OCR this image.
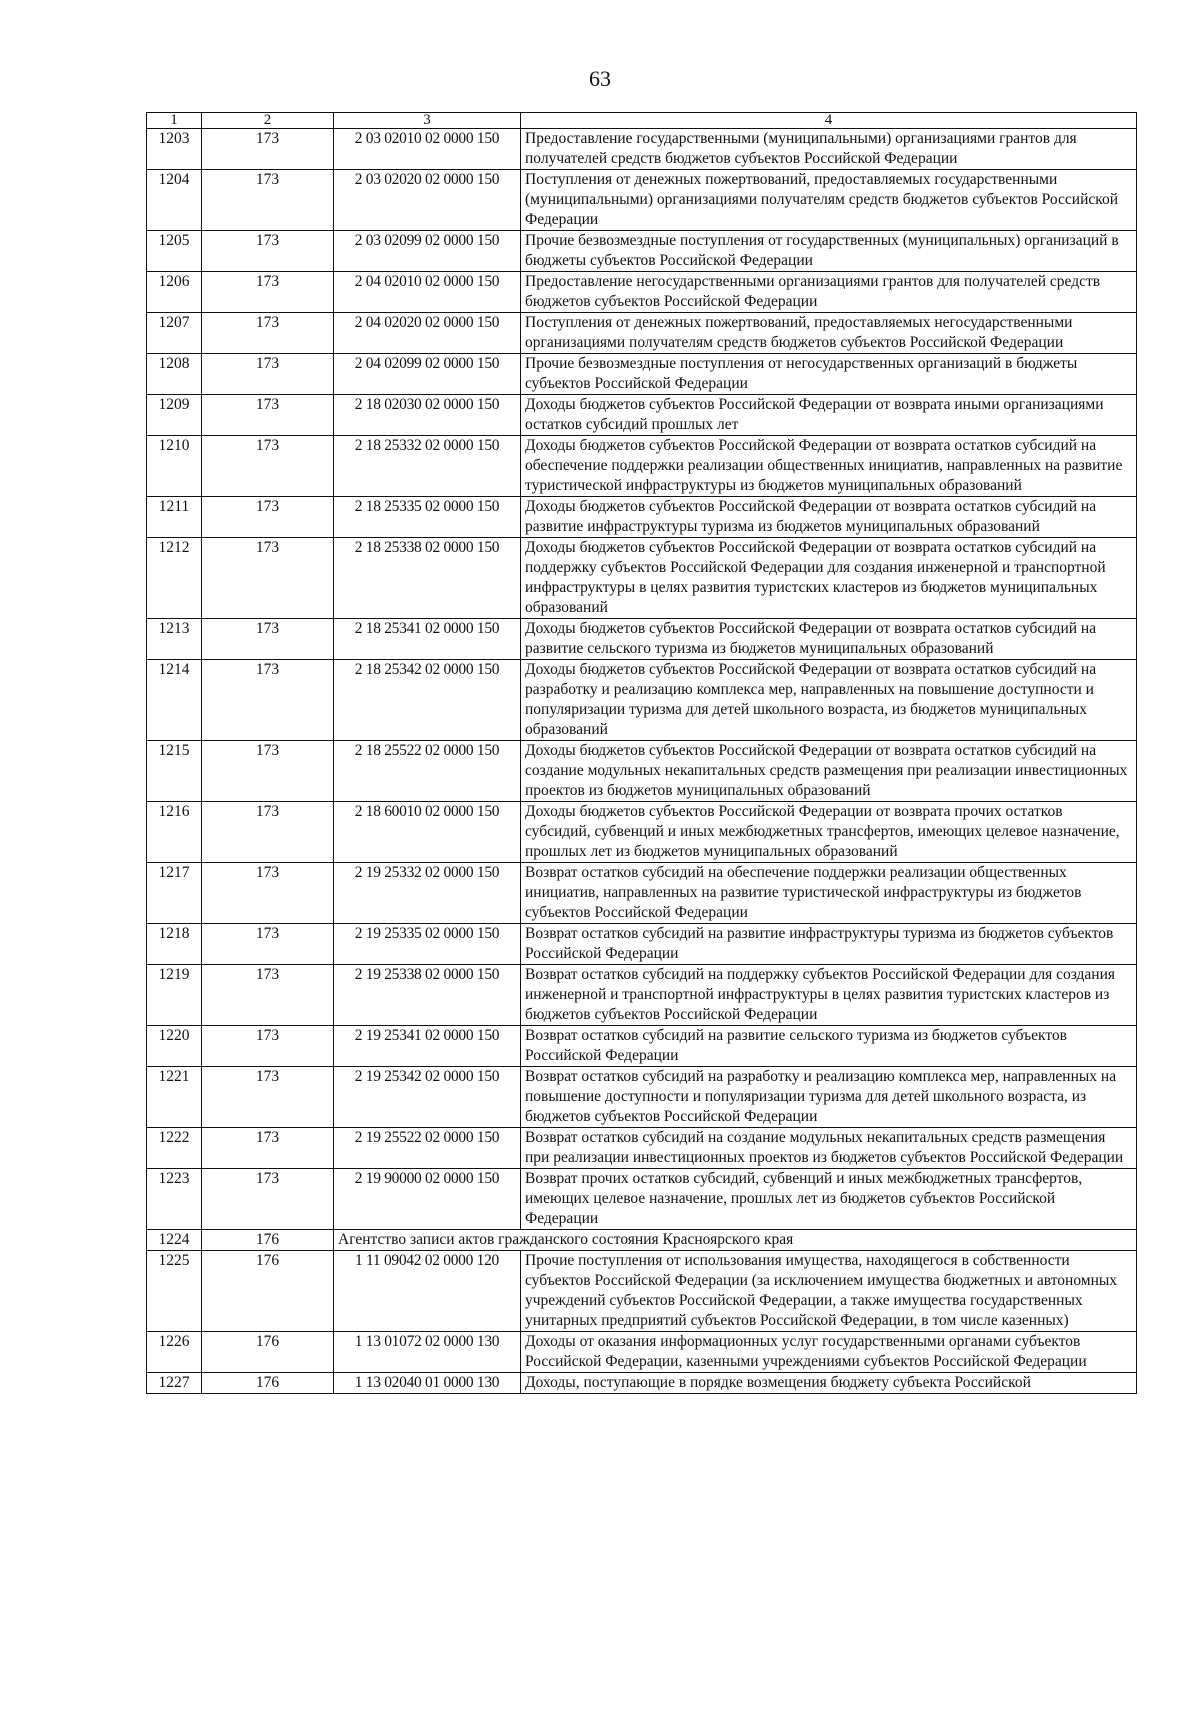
63
1	2	3	4
1203	173	2 03 02010 02 0000 150	Предоставление государственными (муниципальными) организациями грантов для получателей средств бюджетов субъектов Российской Федерации
1204	173	2 03 02020 02 0000 150	Поступления от денежных пожертвований, предоставляемых государственными (муниципальными) организациями получателям средств бюджетов субъектов Российской Федерации
1205	173	2 03 02099 02 0000 150	Прочие безвозмездные поступления от государственных (муниципальных) организаций в бюджеты субъектов Российской Федерации
1206	173	2 04 02010 02 0000 150	Предоставление негосударственными организациями грантов для получателей средств бюджетов субъектов Российской Федерации
1207	173	2 04 02020 02 0000 150	Поступления от денежных пожертвований, предоставляемых негосударственными организациями получателям средств бюджетов субъектов Российской Федерации
1208	173	2 04 02099 02 0000 150	Прочие безвозмездные поступления от негосударственных организаций в бюджеты субъектов Российской Федерации
1209	173	2 18 02030 02 0000 150	Доходы бюджетов субъектов Российской Федерации от возврата иными организациями остатков субсидий прошлых лет
1210	173	2 18 25332 02 0000 150	Доходы бюджетов субъектов Российской Федерации от возврата остатков субсидий на обеспечение поддержки реализации общественных инициатив, направленных на развитие туристической инфраструктуры из бюджетов муниципальных образований
1211	173	2 18 25335 02 0000 150	Доходы бюджетов субъектов Российской Федерации от возврата остатков субсидий на развитие инфраструктуры туризма из бюджетов муниципальных образований
1212	173	2 18 25338 02 0000 150	Доходы бюджетов субъектов Российской Федерации от возврата остатков субсидий на поддержку субъектов Российской Федерации для создания инженерной и транспортной инфраструктуры в целях развития туристских кластеров из бюджетов муниципальных образований
1213	173	2 18 25341 02 0000 150	Доходы бюджетов субъектов Российской Федерации от возврата остатков субсидий на развитие сельского туризма из бюджетов муниципальных образований
1214	173	2 18 25342 02 0000 150	Доходы бюджетов субъектов Российской Федерации от возврата остатков субсидий на разработку и реализацию комплекса мер, направленных на повышение доступности и популяризации туризма для детей школьного возраста, из бюджетов муниципальных образований
1215	173	2 18 25522 02 0000 150	Доходы бюджетов субъектов Российской Федерации от возврата остатков субсидий на создание модульных некапитальных средств размещения при реализации инвестиционных проектов из бюджетов муниципальных образований
1216	173	2 18 60010 02 0000 150	Доходы бюджетов субъектов Российской Федерации от возврата прочих остатков субсидий, субвенций и иных межбюджетных трансфертов, имеющих целевое назначение, прошлых лет из бюджетов муниципальных образований
1217	173	2 19 25332 02 0000 150	Возврат остатков субсидий на обеспечение поддержки реализации общественных инициатив, направленных на развитие туристической инфраструктуры из бюджетов субъектов Российской Федерации
1218	173	2 19 25335 02 0000 150	Возврат остатков субсидий на развитие инфраструктуры туризма из бюджетов субъектов Российской Федерации
1219	173	2 19 25338 02 0000 150	Возврат остатков субсидий на поддержку субъектов Российской Федерации для создания инженерной и транспортной инфраструктуры в целях развития туристских кластеров из бюджетов субъектов Российской Федерации
1220	173	2 19 25341 02 0000 150	Возврат остатков субсидий на развитие сельского туризма из бюджетов субъектов Российской Федерации
1221	173	2 19 25342 02 0000 150	Возврат остатков субсидий на разработку и реализацию комплекса мер, направленных на повышение доступности и популяризации туризма для детей школьного возраста, из бюджетов субъектов Российской Федерации
1222	173	2 19 25522 02 0000 150	Возврат остатков субсидий на создание модульных некапитальных средств размещения при реализации инвестиционных проектов из бюджетов субъектов Российской Федерации
1223	173	2 19 90000 02 0000 150	Возврат прочих остатков субсидий, субвенций и иных межбюджетных трансфертов, имеющих целевое назначение, прошлых лет из бюджетов субъектов Российской Федерации
1224	176	Агентство записи актов гражданского состояния Красноярского края	
1225	176	1 11 09042 02 0000 120	Прочие поступления от использования имущества, находящегося в собственности субъектов Российской Федерации (за исключением имущества бюджетных и автономных учреждений субъектов Российской Федерации, а также имущества государственных унитарных предприятий субъектов Российской Федерации, в том числе казенных)
1226	176	1 13 01072 02 0000 130	Доходы от оказания информационных услуг государственными органами субъектов Российской Федерации, казенными учреждениями субъектов Российской Федерации
1227	176	1 13 02040 01 0000 130	Доходы, поступающие в порядке возмещения бюджету субъекта Российской
